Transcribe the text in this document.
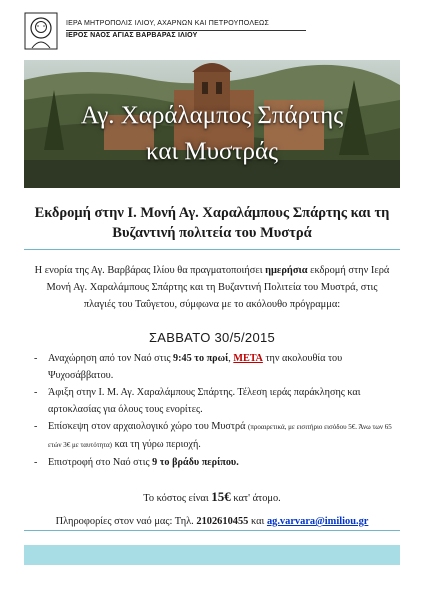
ΙΕΡΑ ΜΗΤΡΟΠΟΛΙΣ ΙΛΙΟΥ, ΑΧΑΡΝΩΝ ΚΑΙ ΠΕΤΡΟΥΠΟΛΕΩΣ
ΙΕΡΟΣ ΝΑΟΣ ΑΓΙΑΣ ΒΑΡΒΑΡΑΣ ΙΛΙΟΥ
Αγ. Χαράλαμπος Σπάρτης
και Μυστράς
Εκδρομή στην Ι. Μονή Αγ. Χαραλάμπους Σπάρτης και τη Βυζαντινή πολιτεία του Μυστρά
Η ενορία της Αγ. Βαρβάρας Ιλίου θα πραγματοποιήσει ημερήσια εκδρομή στην Ιερά Μονή Αγ. Χαραλάμπους Σπάρτης και τη Βυζαντινή Πολιτεία του Μυστρά, στις πλαγιές του Ταΰγετου, σύμφωνα με το ακόλουθο πρόγραμμα:
ΣΑΒΒΑΤΟ 30/5/2015
- Αναχώρηση από τον Ναό στις 9:45 το πρωί, ΜΕΤΑ την ακολουθία του Ψυχοσάββατου.
- Άφιξη στην Ι. Μ. Αγ. Χαραλάμπους Σπάρτης. Τέλεση ιεράς παράκλησης και αρτοκλασίας για όλους τους ενορίτες.
- Επίσκεψη στον αρχαιολογικό χώρο του Μυστρά (προαιρετικά, με εισιτήριο εισόδου 5€. Άνω των 65 ετών 3€ με ταυτότητα) και τη γύρω περιοχή.
- Επιστροφή στο Ναό στις 9 το βράδυ περίπου.
Το κόστος είναι 15€ κατ' άτομο.
Πληροφορίες στον ναό μας: Τηλ. 2102610455 και ag.varvara@imiliou.gr
